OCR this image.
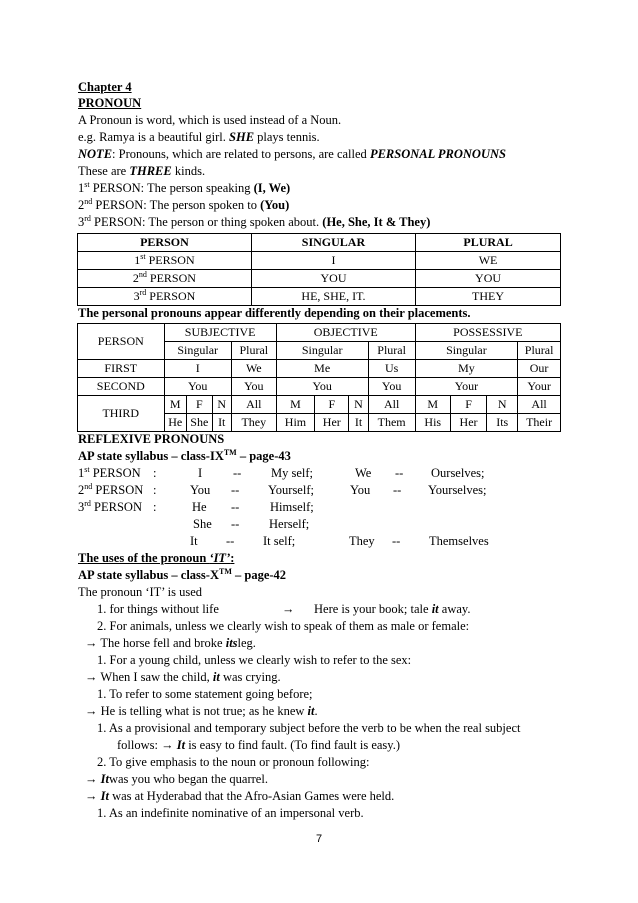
Chapter 4
PRONOUN
A Pronoun is word, which is used instead of a Noun.
e.g. Ramya is a beautiful girl. SHE plays tennis.
NOTE: Pronouns, which are related to persons, are called PERSONAL PRONOUNS
These are THREE kinds.
1st PERSON: The person speaking (I, We)
2nd PERSON: The person spoken to (You)
3rd PERSON: The person or thing spoken about. (He, She, It & They)
PERSON	SINGULAR	PLURAL
1st PERSON	I	WE
2nd PERSON	YOU	YOU
3rd PERSON	HE, SHE, IT.	THEY
The personal pronouns appear differently depending on their placements.
PERSON	SUBJECTIVE				OBJECTIVE				POSSESSIVE			
	Singular			Plural	Singular			Plural	Singular			Plural
FIRST	I			We	Me			Us	My			Our
SECOND	You			You	You			You	Your			Your
THIRD	M	F	N	All	M	F	N	All	M	F	N	All
	He	She	It	They	Him	Her	It	Them	His	Her	Its	Their
REFLEXIVE PRONOUNS
AP state syllabus – class-IX™ – page-43
1st PERSON :	I -- My self;	We -- Ourselves;
2nd PERSON :	You -- Yourself;	You -- Yourselves;
3rd PERSON :	He -- Himself;
She -- Herself;
It -- It self;	They -- Themselves
The uses of the pronoun ‘IT’:
AP state syllabus – class-X™ – page-42
The pronoun ‘IT’ is used
1. for things without life	→ Here is your book; tale it away.
2. For animals, unless we clearly wish to speak of them as male or female:
→ The horse fell and broke itsleg.
1. For a young child, unless we clearly wish to refer to the sex:
→ When I saw the child, it was crying.
1. To refer to some statement going before;
→ He is telling what is not true; as he knew it.
1. As a provisional and temporary subject before the verb to be when the real subject
follows: → It is easy to find fault. (To find fault is easy.)
2. To give emphasis to the noun or pronoun following:
→ Itwas you who began the quarrel.
→ It was at Hyderabad that the Afro-Asian Games were held.
1. As an indefinite nominative of an impersonal verb.
7
